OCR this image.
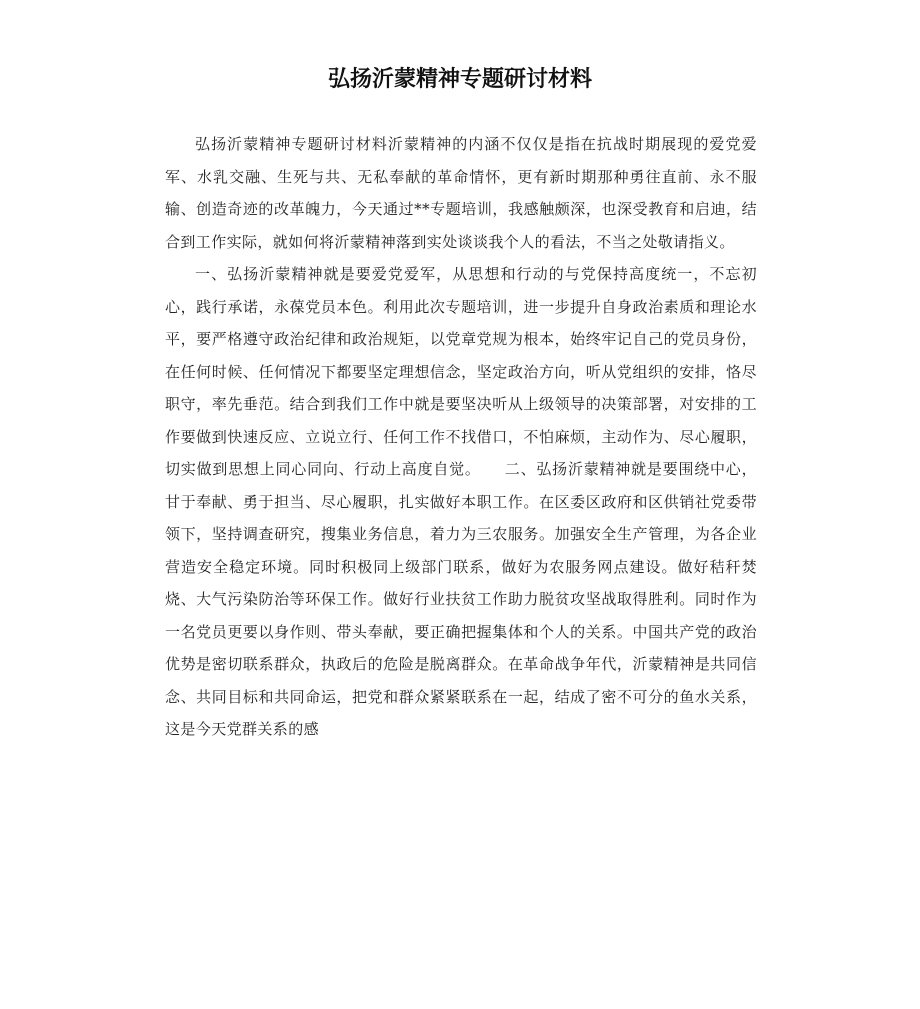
弘扬沂蒙精神专题研讨材料

弘扬沂蒙精神专题研讨材料沂蒙精神的内涵不仅仅是指在抗战时期展现的爱党爱军、水乳交融、生死与共、无私奉献的革命情怀，更有新时期那种勇往直前、永不服输、创造奇迹的改革魄力，今天通过**专题培训，我感触颇深，也深受教育和启迪，结合到工作实际，就如何将沂蒙精神落到实处谈谈我个人的看法，不当之处敬请指义。

一、弘扬沂蒙精神就是要爱党爱军，从思想和行动的与党保持高度统一，不忘初心，践行承诺，永葆党员本色。利用此次专题培训，进一步提升自身政治素质和理论水平，要严格遵守政治纪律和政治规矩，以党章党规为根本，始终牢记自己的党员身份，在任何时候、任何情况下都要坚定理想信念，坚定政治方向，听从党组织的安排，恪尽职守，率先垂范。结合到我们工作中就是要坚决听从上级领导的决策部署，对安排的工作要做到快速反应、立说立行、任何工作不找借口，不怕麻烦，主动作为、尽心履职，切实做到思想上同心同向、行动上高度自觉。　　二、弘扬沂蒙精神就是要围绕中心，甘于奉献、勇于担当、尽心履职，扎实做好本职工作。在区委区政府和区供销社党委带领下，坚持调查研究，搜集业务信息，着力为三农服务。加强安全生产管理，为各企业营造安全稳定环境。同时积极同上级部门联系，做好为农服务网点建设。做好秸秆焚烧、大气污染防治等环保工作。做好行业扶贫工作助力脱贫攻坚战取得胜利。同时作为一名党员更要以身作则、带头奉献，要正确把握集体和个人的关系。中国共产党的政治优势是密切联系群众，执政后的危险是脱离群众。在革命战争年代，沂蒙精神是共同信念、共同目标和共同命运，把党和群众紧紧联系在一起，结成了密不可分的鱼水关系，这是今天党群关系的感
